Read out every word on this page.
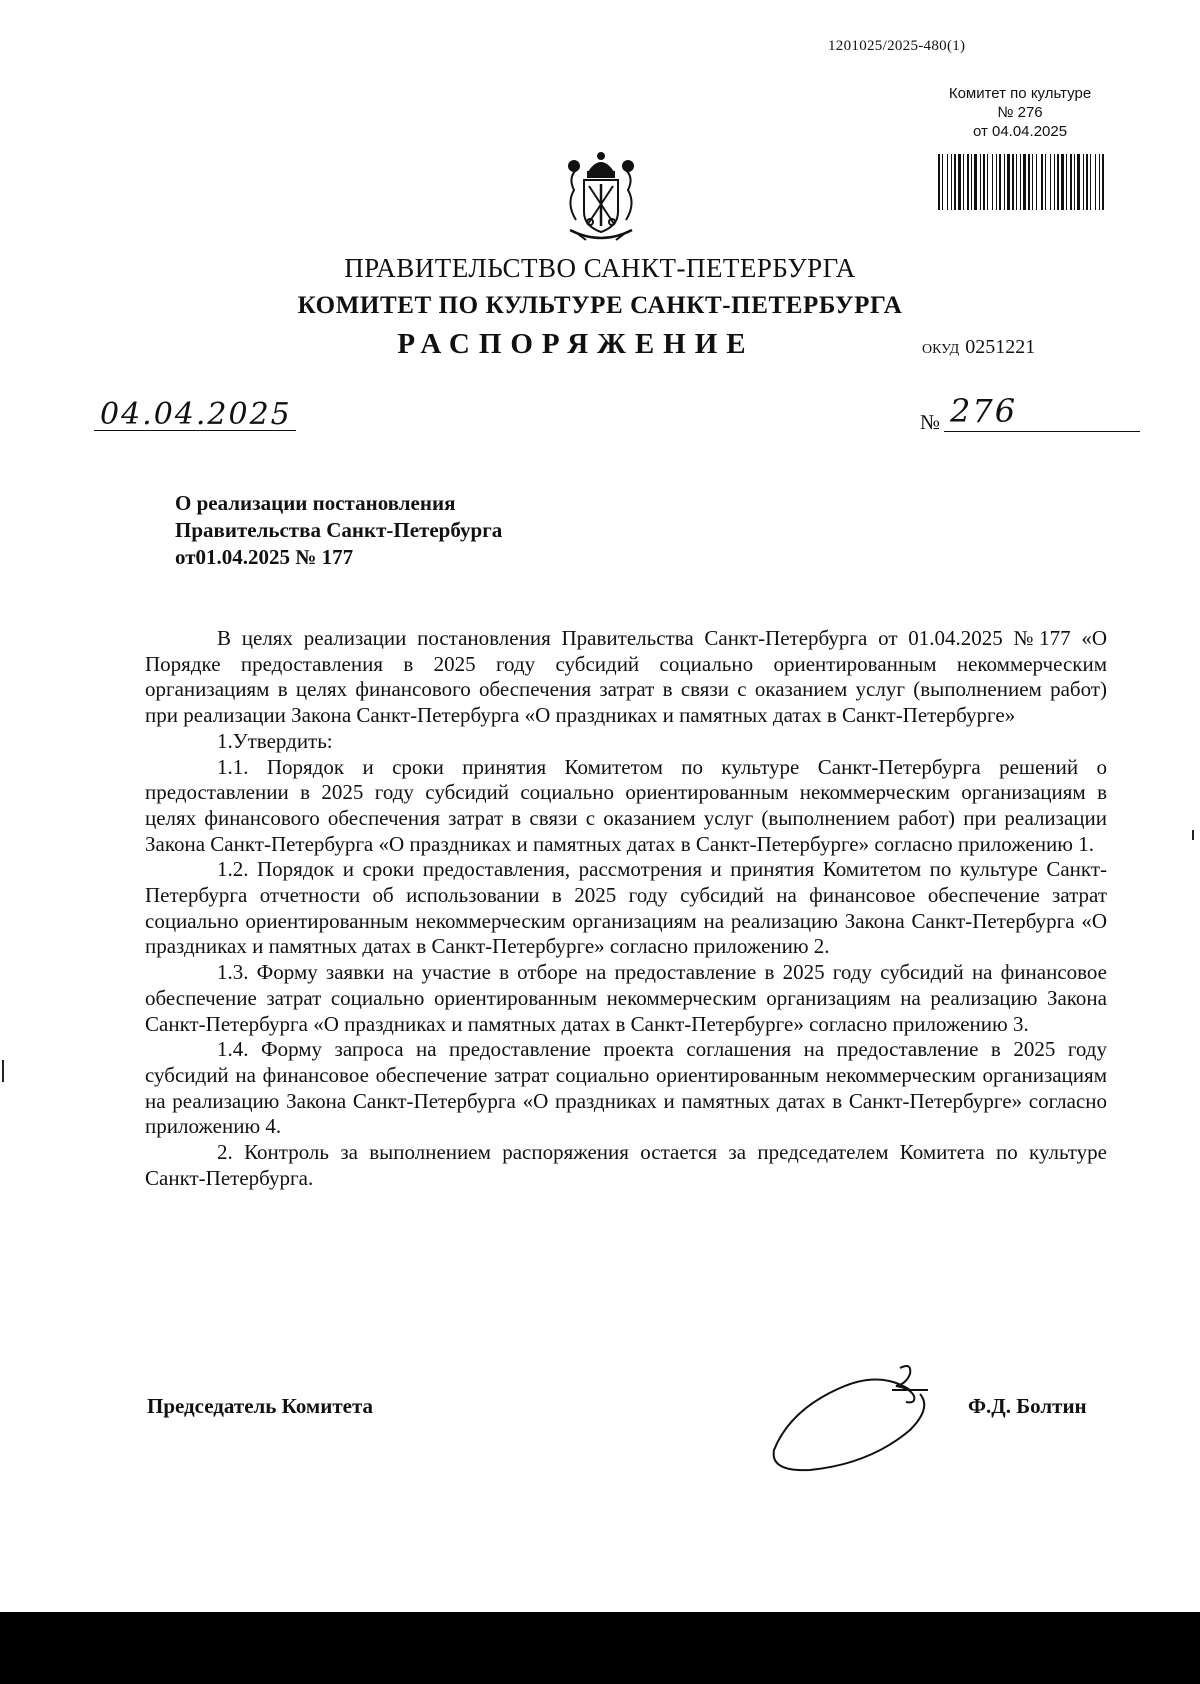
1201025/2025-480(1)
Комитет по культуре
№ 276
от 04.04.2025
ПРАВИТЕЛЬСТВО САНКТ-ПЕТЕРБУРГА
КОМИТЕТ ПО КУЛЬТУРЕ САНКТ-ПЕТЕРБУРГА
РАСПОРЯЖЕНИЕ	ОКУД 0251221
04.04.2025	№ 276
О реализации постановления
Правительства Санкт-Петербурга
от01.04.2025 № 177

В целях реализации постановления Правительства Санкт-Петербурга от 01.04.2025 №177 «О Порядке предоставления в 2025 году субсидий социально ориентированным некоммерческим организациям в целях финансового обеспечения затрат в связи с оказанием услуг (выполнением работ) при реализации Закона Санкт-Петербурга «О праздниках и памятных датах в Санкт-Петербурге»

1.Утвердить:

1.1. Порядок и сроки принятия Комитетом по культуре Санкт-Петербурга решений о предоставлении в 2025 году субсидий социально ориентированным некоммерческим организациям в целях финансового обеспечения затрат в связи с оказанием услуг (выполнением работ) при реализации Закона Санкт-Петербурга «О праздниках и памятных датах в Санкт-Петербурге» согласно приложению 1.

1.2. Порядок и сроки предоставления, рассмотрения и принятия Комитетом по культуре Санкт-Петербурга отчетности об использовании в 2025 году субсидий на финансовое обеспечение затрат социально ориентированным некоммерческим организациям на реализацию Закона Санкт-Петербурга «О праздниках и памятных датах в Санкт-Петербурге» согласно приложению 2.

1.3. Форму заявки на участие в отборе на предоставление в 2025 году субсидий на финансовое обеспечение затрат социально ориентированным некоммерческим организациям на реализацию Закона Санкт-Петербурга «О праздниках и памятных датах в Санкт-Петербурге» согласно приложению 3.

1.4. Форму запроса на предоставление проекта соглашения на предоставление в 2025 году субсидий на финансовое обеспечение затрат социально ориентированным некоммерческим организациям на реализацию Закона Санкт-Петербурга «О праздниках и памятных датах в Санкт-Петербурге» согласно приложению 4.

2. Контроль за выполнением распоряжения остается за председателем Комитета по культуре Санкт-Петербурга.

Председатель Комитета	Ф.Д. Болтин
